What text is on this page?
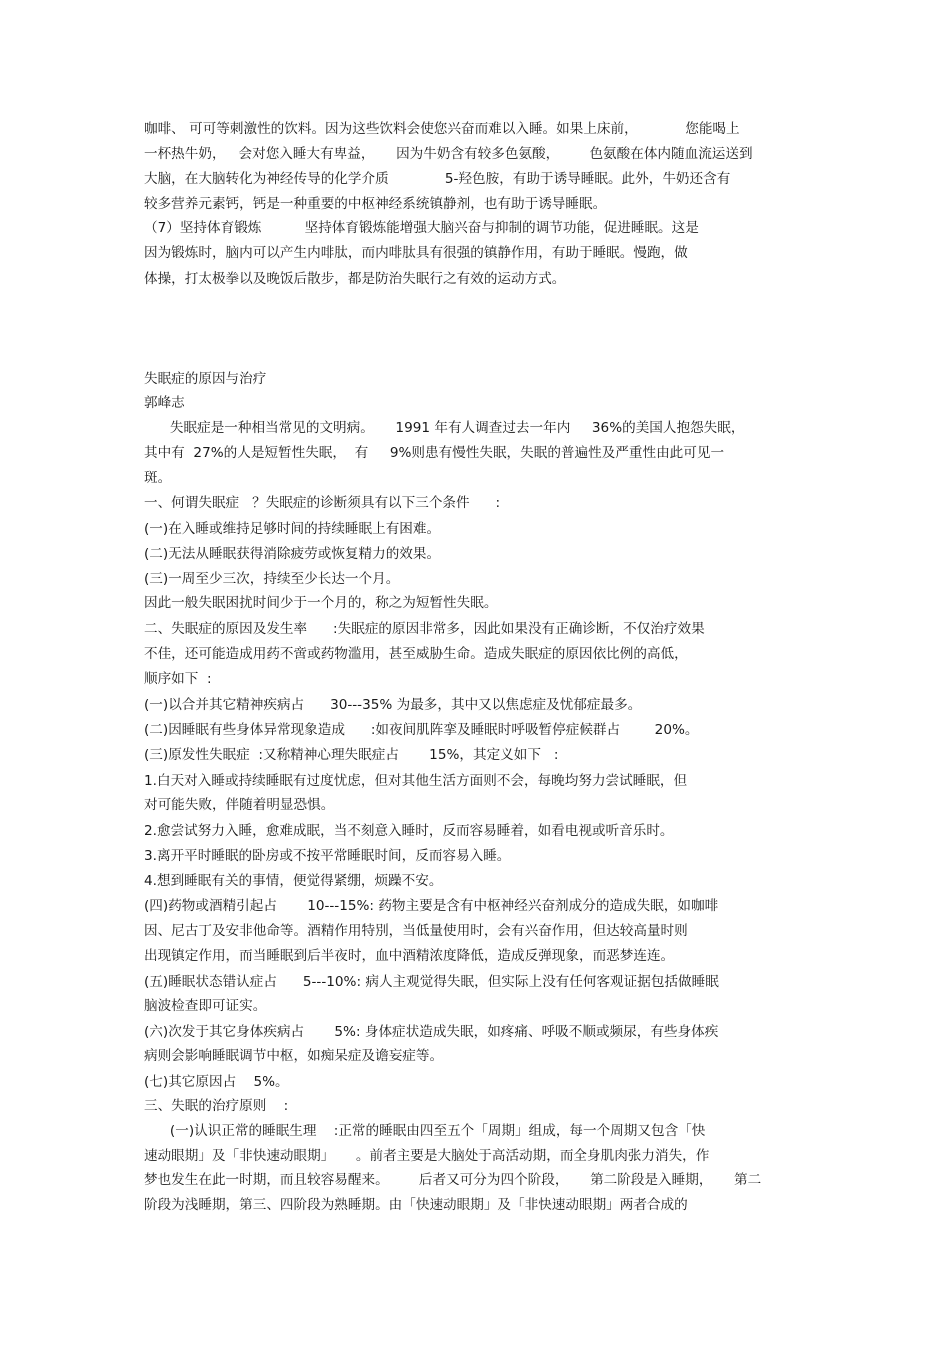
咖啡、 可可等刺激性的饮料。因为这些饮料会使您兴奋而难以入睡。如果上床前，           您能喝上
一杯热牛奶，   会对您入睡大有卑益，     因为牛奶含有较多色氨酸，       色氨酸在体内随血流运送到
大脑，在大脑转化为神经传导的化学介质             5-羟色胺，有助于诱导睡眠。此外，牛奶还含有
较多营养元素钙，钙是一种重要的中枢神经系统镇静剂，也有助于诱导睡眠。
（7）坚持体育锻炼          坚持体育锻炼能增强大脑兴奋与抑制的调节功能，促进睡眠。这是
因为锻炼时，脑内可以产生内啡肽，而内啡肽具有很强的镇静作用，有助于睡眠。慢跑，做
体操，打太极拳以及晚饭后散步，都是防治失眠行之有效的运动方式。
失眠症的原因与治疗
郭峰志
失眠症是一种相当常见的文明病。     1991 年有人调查过去一年内     36%的美国人抱怨失眠，
其中有  27%的人是短暂性失眠，  有     9%则患有慢性失眠，失眠的普遍性及严重性由此可见一
斑。
一、何谓失眠症   ？失眠症的诊断须具有以下三个条件      :
(一)在入睡或维持足够时间的持续睡眠上有困难。
(二)无法从睡眠获得消除疲劳或恢复精力的效果。
(三)一周至少三次，持续至少长达一个月。
因此一般失眠困扰时间少于一个月的，称之为短暂性失眠。
二、失眠症的原因及发生率      :失眠症的原因非常多，因此如果没有正确诊断，不仅治疗效果
不佳，还可能造成用药不啻或药物滥用，甚至威胁生命。造成失眠症的原因依比例的高低，
顺序如下  :
(一)以合并其它精神疾病占      30---35% 为最多，其中又以焦虑症及忧郁症最多。
(二)因睡眠有些身体异常现象造成      :如夜间肌阵挛及睡眠时呼吸暂停症候群占        20%。
(三)原发性失眠症  :又称精神心理失眠症占       15%，其定义如下   :
1.白天对入睡或持续睡眠有过度忧虑，但对其他生活方面则不会，每晚均努力尝试睡眠，但
对可能失败，伴随着明显恐惧。
2.愈尝试努力入睡，愈难成眠，当不刻意入睡时，反而容易睡着，如看电视或听音乐时。
3.离开平时睡眠的卧房或不按平常睡眠时间，反而容易入睡。
4.想到睡眠有关的事情，便觉得紧绷，烦躁不安。
(四)药物或酒精引起占       10---15%: 药物主要是含有中枢神经兴奋剂成分的造成失眠，如咖啡
因、尼古丁及安非他命等。酒精作用特別，当低量使用时，会有兴奋作用，但达较高量时则
出现镇定作用，而当睡眠到后半夜时，血中酒精浓度降低，造成反弹现象，而恶梦连连。
(五)睡眠状态错认症占      5---10%: 病人主观觉得失眠，但实际上没有任何客观证据包括做睡眠
脑波检查即可证实。
(六)次发于其它身体疾病占       5%: 身体症状造成失眠，如疼痛、呼吸不顺或频尿，有些身体疾
病则会影响睡眠调节中枢，如痴呆症及谵妄症等。
(七)其它原因占    5%。
三、失眠的治疗原则    :
(一)认识正常的睡眠生理    :正常的睡眠由四至五个「周期」组成，每一个周期又包含「快
速动眼期」及「非快速动眼期」     。前者主要是大脑处于高活动期，而全身肌肉张力消失，作
梦也发生在此一时期，而且较容易醒来。       后者又可分为四个阶段，     第二阶段是入睡期，     第二
阶段为浅睡期，第三、四阶段为熟睡期。由「快速动眼期」及「非快速动眼期」两者合成的
